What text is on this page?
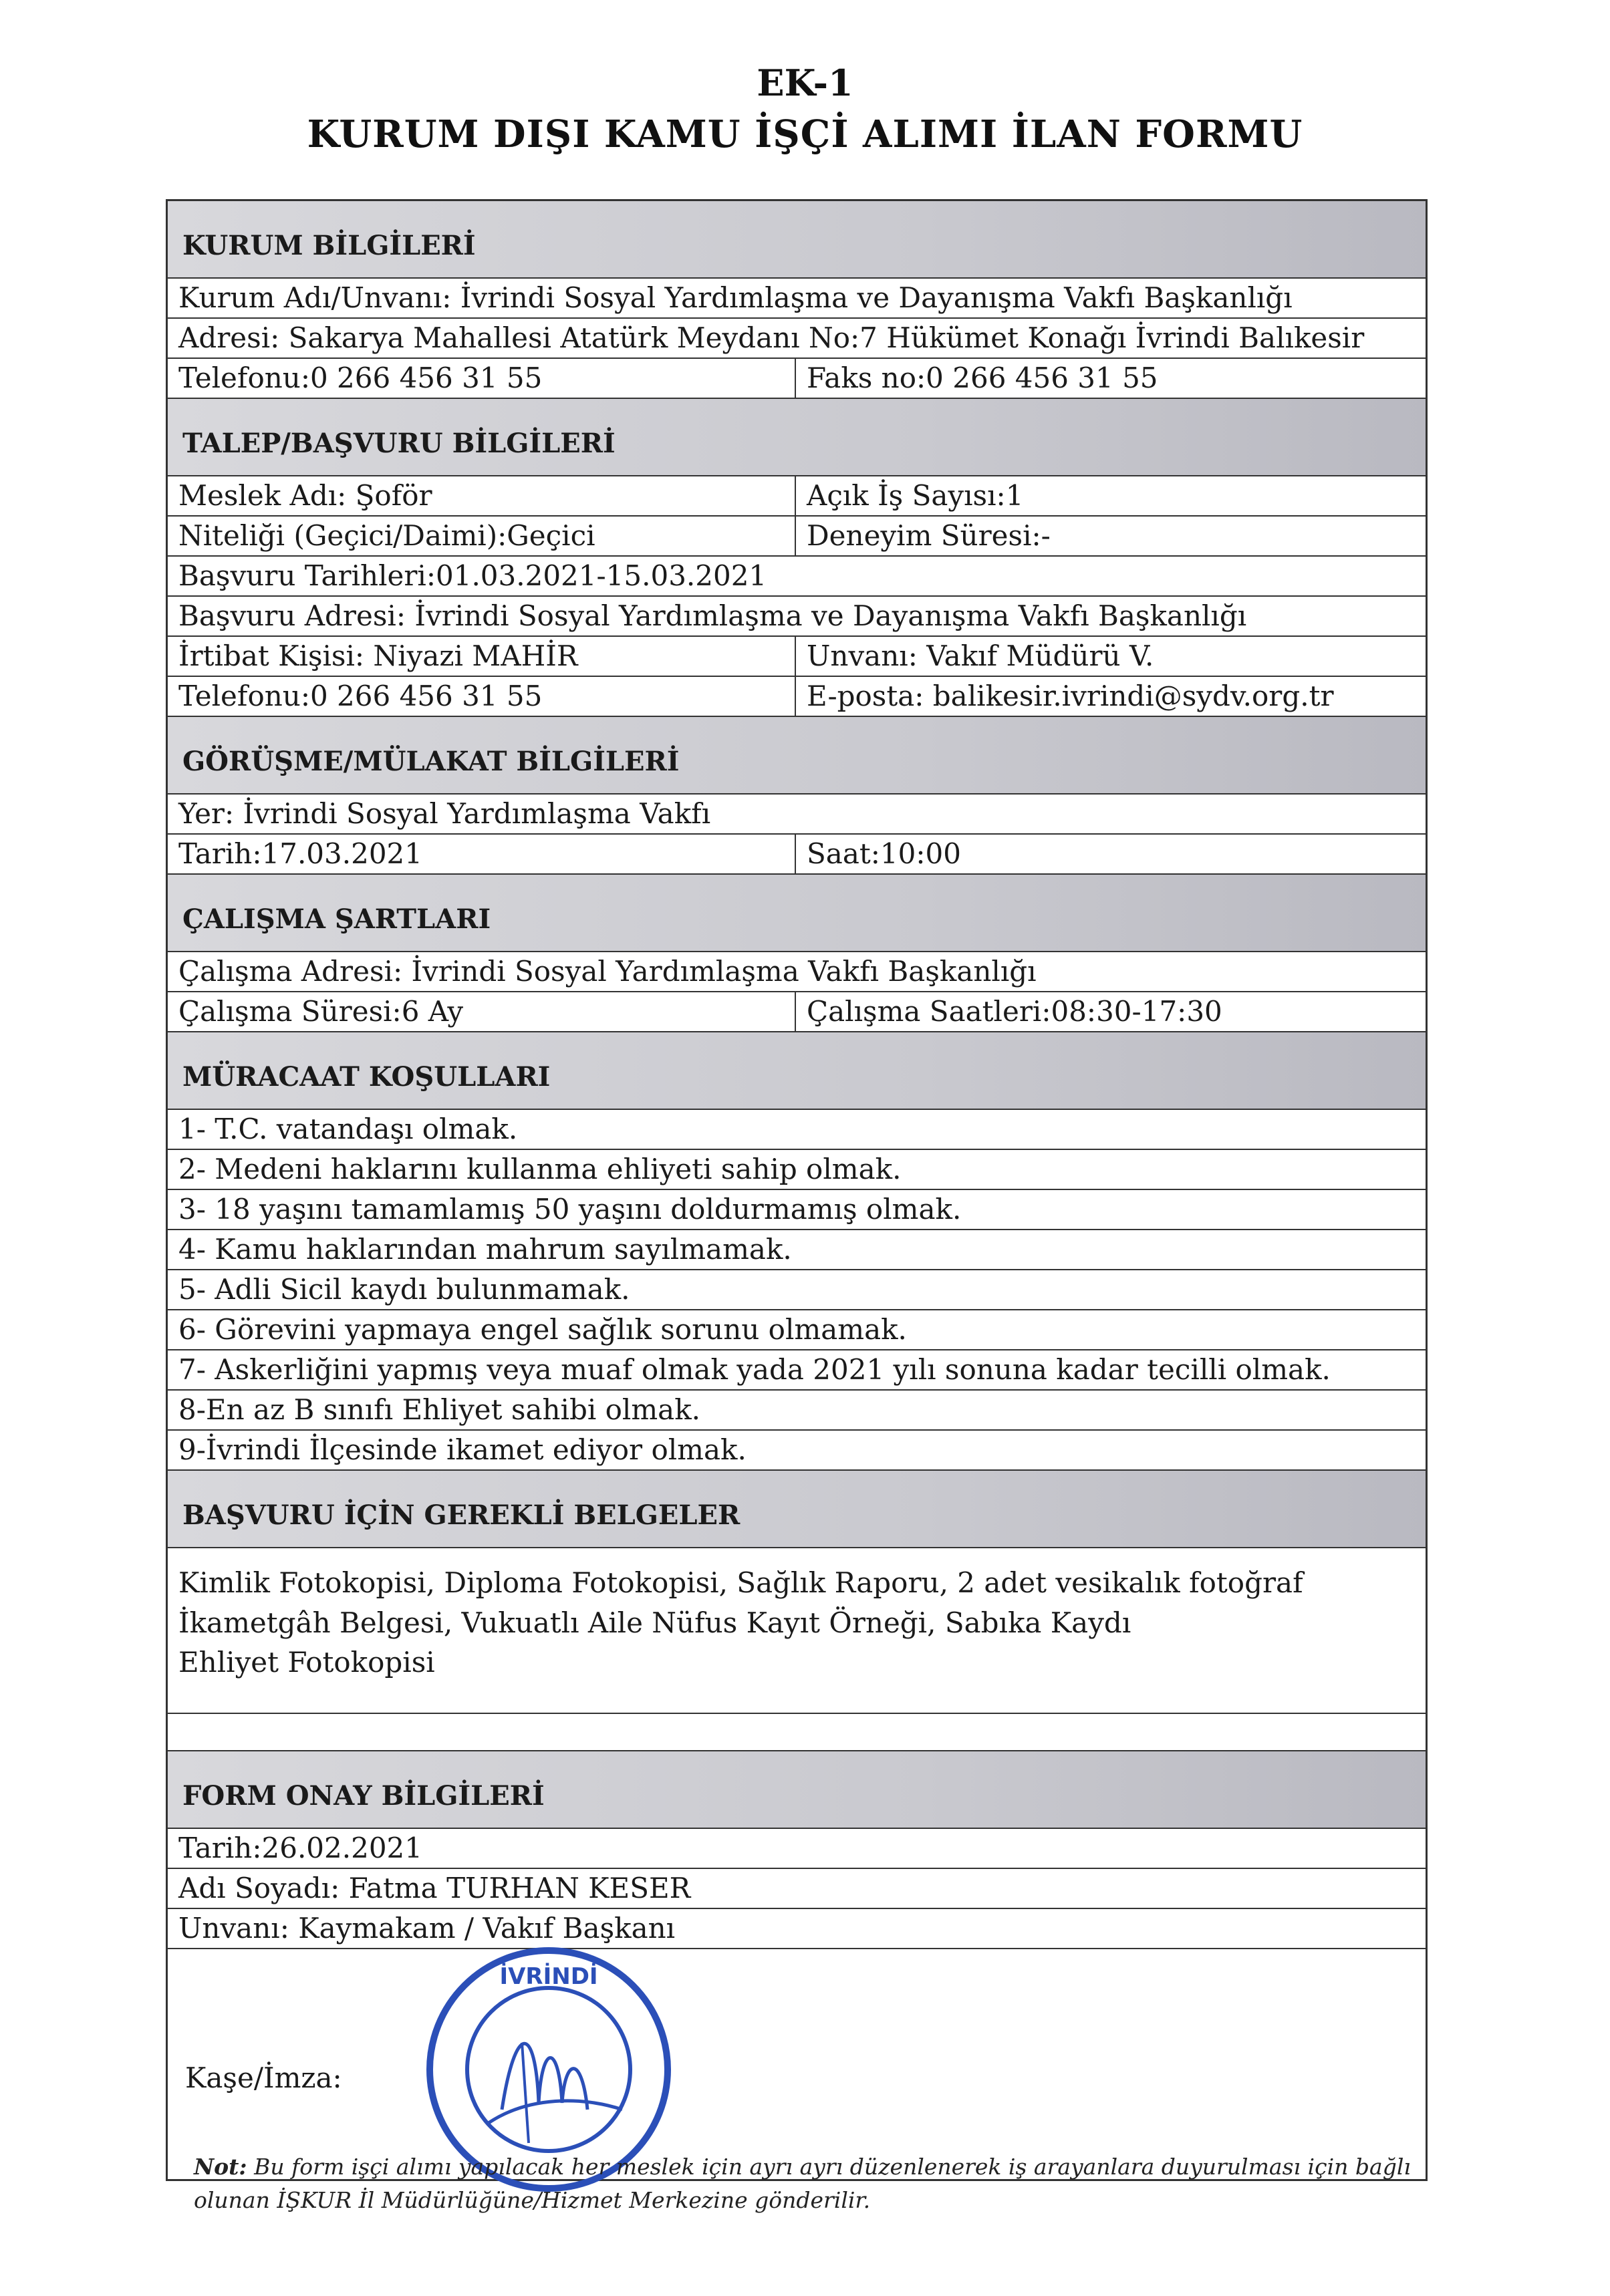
EK-1
KURUM DIŞI KAMU İŞÇİ ALIMI İLAN FORMU
KURUM BİLGİLERİ
Kurum Adı/Unvanı: İvrindi Sosyal Yardımlaşma ve Dayanışma Vakfı Başkanlığı
Adresi: Sakarya Mahallesi Atatürk Meydanı No:7 Hükümet Konağı İvrindi Balıkesir
Telefonu:0 266 456 31 55	Faks no:0 266 456 31 55
TALEP/BAŞVURU BİLGİLERİ
Meslek Adı: Şoför	Açık İş Sayısı:1
Niteliği (Geçici/Daimi):Geçici	Deneyim Süresi:-
Başvuru Tarihleri:01.03.2021-15.03.2021
Başvuru Adresi: İvrindi Sosyal Yardımlaşma ve Dayanışma Vakfı Başkanlığı
İrtibat Kişisi: Niyazi MAHİR	Unvanı: Vakıf Müdürü V.
Telefonu:0 266 456 31 55	E-posta: balikesir.ivrindi@sydv.org.tr
GÖRÜŞME/MÜLAKAT BİLGİLERİ
Yer: İvrindi Sosyal Yardımlaşma Vakfı
Tarih:17.03.2021	Saat:10:00
ÇALIŞMA ŞARTLARI
Çalışma Adresi: İvrindi Sosyal Yardımlaşma Vakfı Başkanlığı
Çalışma Süresi:6 Ay	Çalışma Saatleri:08:30-17:30
MÜRACAAT KOŞULLARI
1- T.C. vatandaşı olmak.
2- Medeni haklarını kullanma ehliyeti sahip olmak.
3- 18 yaşını tamamlamış 50 yaşını doldurmamış olmak.
4- Kamu haklarından mahrum sayılmamak.
5- Adli Sicil kaydı bulunmamak.
6- Görevini yapmaya engel sağlık sorunu olmamak.
7- Askerliğini yapmış veya muaf olmak yada 2021 yılı sonuna kadar tecilli olmak.
8-En az B sınıfı Ehliyet sahibi olmak.
9-İvrindi İlçesinde ikamet ediyor olmak.
BAŞVURU İÇİN GEREKLİ BELGELER
Kimlik Fotokopisi, Diploma Fotokopisi, Sağlık Raporu, 2 adet vesikalık fotoğraf
İkametgâh Belgesi, Vukuatlı Aile Nüfus Kayıt Örneği, Sabıka Kaydı
Ehliyet Fotokopisi
FORM ONAY BİLGİLERİ
Tarih:26.02.2021
Adı Soyadı: Fatma TURHAN KESER
Unvanı: Kaymakam / Vakıf Başkanı
Kaşe/İmza:
İVRİNDİ
Not: Bu form işçi alımı yapılacak her meslek için ayrı ayrı düzenlenerek iş arayanlara duyurulması için bağlı olunan İŞKUR İl Müdürlüğüne/Hizmet Merkezine gönderilir.
